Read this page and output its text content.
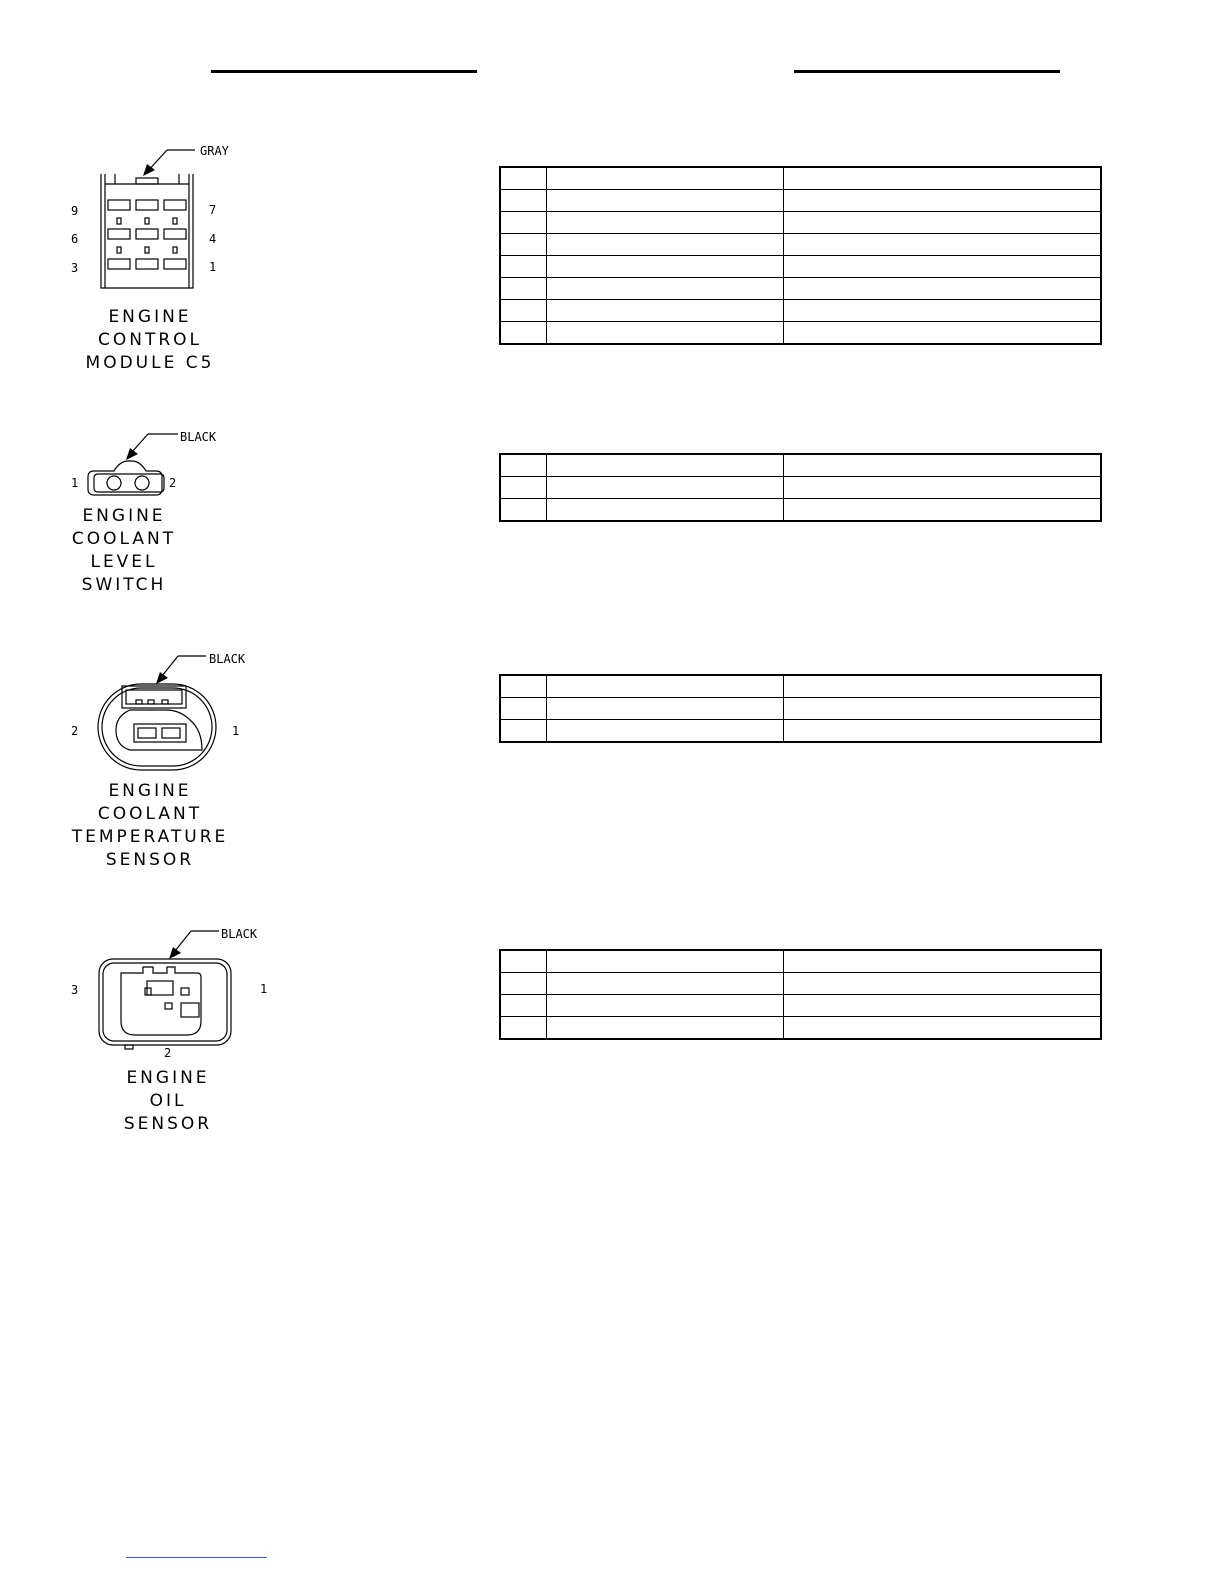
GRAY
9	7
6	4
3	1
ENGINE
CONTROL
MODULE C5

BLACK
1	2
ENGINE
COOLANT
LEVEL
SWITCH

BLACK
2	1
ENGINE
COOLANT
TEMPERATURE
SENSOR

BLACK
3	1
2
ENGINE
OIL
SENSOR
